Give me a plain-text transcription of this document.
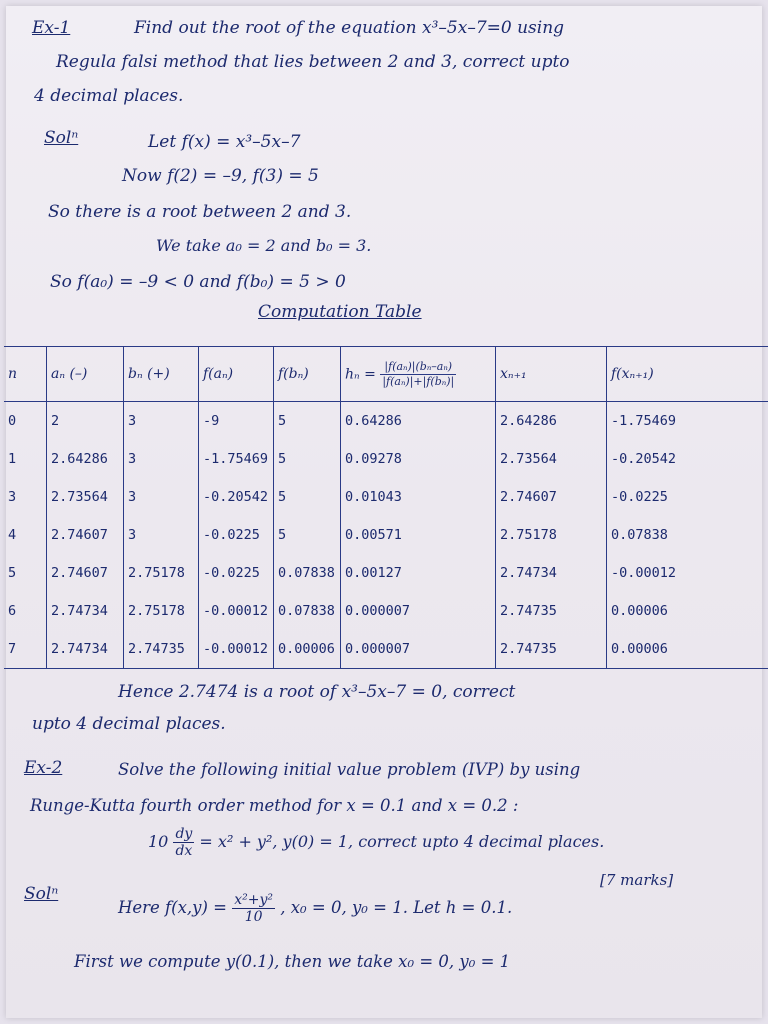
Ex-1	Find out the root of the equation x³–5x–7=0 using
Regula falsi method that lies between 2 and 3, correct upto
4 decimal places.
Solⁿ	Let f(x) = x³–5x–7
Now f(2) = –9, f(3) = 5
So there is a root between 2 and 3.
We take a₀ = 2 and b₀ = 3.
So f(a₀) = –9 < 0 and f(b₀) = 5 > 0
Computation Table
n	aₙ (–)	bₙ (+)	f(aₙ)	f(bₙ)	$h_n = \frac{\text{|f(aₙ)|(bₙ–aₙ)}}{\text{|f(aₙ)|+|f(bₙ)|}}$	xₙ₊₁	f(xₙ₊₁)
0	2	3	-9	5	0.64286	2.64286	-1.75469
1	2.64286	3	-1.75469	5	0.09278	2.73564	-0.20542
3	2.73564	3	-0.20542	5	0.01043	2.74607	-0.0225
4	2.74607	3	-0.0225	5	0.00571	2.75178	0.07838
5	2.74607	2.75178	-0.0225	0.07838	0.00127	2.74734	-0.00012
6	2.74734	2.75178	-0.00012	0.07838	0.000007	2.74735	0.00006
7	2.74734	2.74735	-0.00012	0.00006	0.000007	2.74735	0.00006
Hence 2.7474 is a root of x³–5x–7 = 0, correct
upto 4 decimal places.
Ex-2	Solve the following initial value problem (IVP) by using
Runge-Kutta fourth order method for x = 0.1 and x = 0.2 :
$10 \frac{dy}{dx} = x^2 + y^2$, y(0) = 1, correct upto 4 decimal places.
[7 marks]
Solⁿ
Here $f(x,y) = \frac{\text{x²+y²}}{10}$ , x₀ = 0, y₀ = 1. Let h = 0.1.
First we compute y(0.1), then we take x₀ = 0, y₀ = 1
